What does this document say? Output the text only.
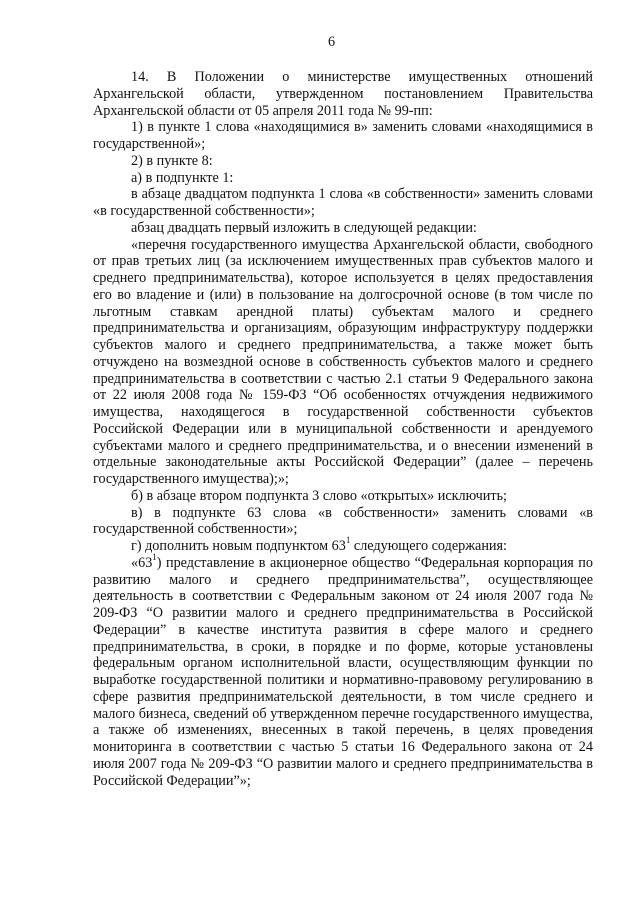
6

14. В Положении о министерстве имущественных отношений Архангельской области, утвержденном постановлением Правительства Архангельской области от 05 апреля 2011 года № 99-пп:

1) в пункте 1 слова «находящимися в» заменить словами «находящимися в государственной»;

2) в пункте 8:

а) в подпункте 1:

в абзаце двадцатом подпункта 1 слова «в собственности» заменить словами «в государственной собственности»;

абзац двадцать первый изложить в следующей редакции:

«перечня государственного имущества Архангельской области, свободного от прав третьих лиц (за исключением имущественных прав субъектов малого и среднего предпринимательства), которое используется в целях предоставления его во владение и (или) в пользование на долгосрочной основе (в том числе по льготным ставкам арендной платы) субъектам малого и среднего предпринимательства и организациям, образующим инфраструктуру поддержки субъектов малого и среднего предпринимательства, а также может быть отчуждено на возмездной основе в собственность субъектов малого и среднего предпринимательства в соответствии с частью 2.1 статьи 9 Федерального закона от 22 июля 2008 года № 159-ФЗ “Об особенностях отчуждения недвижимого имущества, находящегося в государственной собственности субъектов Российской Федерации или в муниципальной собственности и арендуемого субъектами малого и среднего предпринимательства, и о внесении изменений в отдельные законодательные акты Российской Федерации” (далее – перечень государственного имущества);»;

б) в абзаце втором подпункта 3 слово «открытых» исключить;

в) в подпункте 63 слова «в собственности» заменить словами «в государственной собственности»;

г) дополнить новым подпунктом $63^1$ следующего содержания:

«$63^1$) представление в акционерное общество “Федеральная корпорация по развитию малого и среднего предпринимательства”, осуществляющее деятельность в соответствии с Федеральным законом от 24 июля 2007 года № 209-ФЗ “О развитии малого и среднего предпринимательства в Российской Федерации” в качестве института развития в сфере малого и среднего предпринимательства, в сроки, в порядке и по форме, которые установлены федеральным органом исполнительной власти, осуществляющим функции по выработке государственной политики и нормативно-правовому регулированию в сфере развития предпринимательской деятельности, в том числе среднего и малого бизнеса, сведений об утвержденном перечне государственного имущества, а также об изменениях, внесенных в такой перечень, в целях проведения мониторинга в соответствии с частью 5 статьи 16 Федерального закона от 24 июля 2007 года № 209-ФЗ “О развитии малого и среднего предпринимательства в Российской Федерации”»;
